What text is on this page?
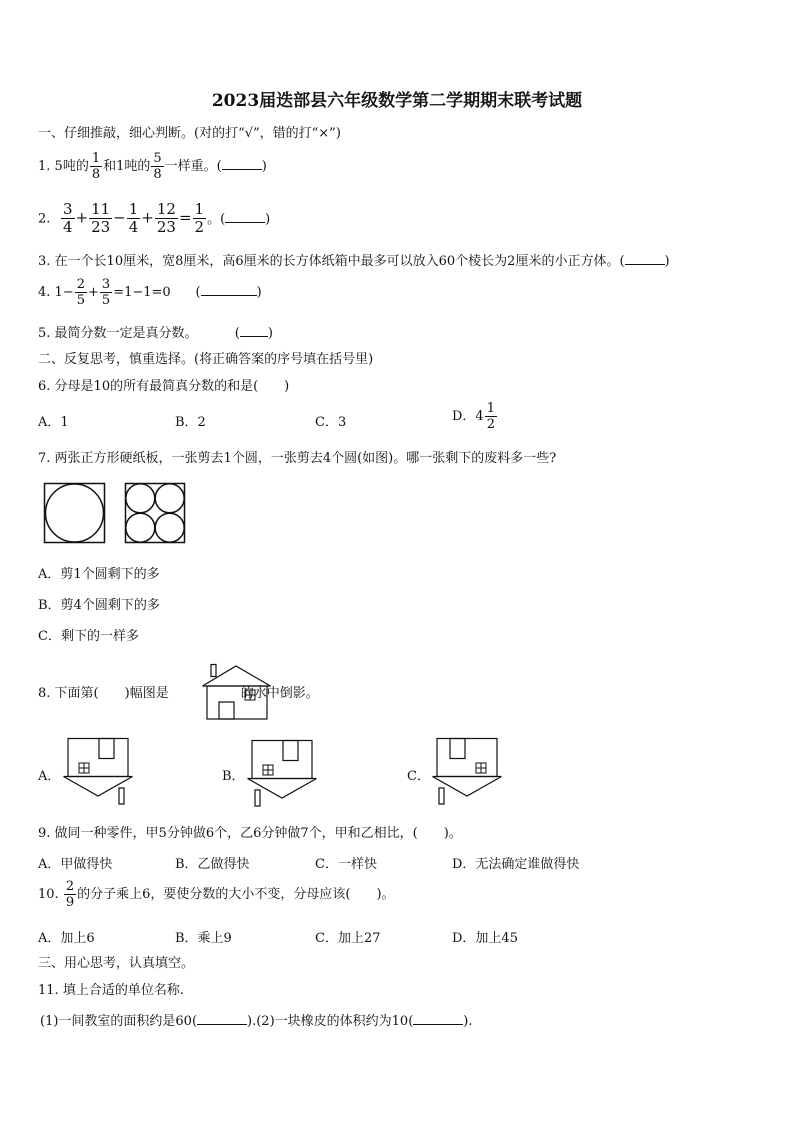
2023届迭部县六年级数学第二学期期末联考试题
一、仔细推敲，细心判断。(对的打“√”，错的打“×”)
1. 5吨的 $\frac{1}{8}$ 和1吨的 $\frac{5}{8}$ 一样重。(	)
2. $\frac{3}{4} + \frac{11}{23} - \frac{1}{4} + \frac{12}{23} = \frac{1}{2}$ 。(	)
3. 在一个长10厘米，宽8厘米，高6厘米的长方体纸箱中最多可以放入60个棱长为2厘米的小正方体。(	)
4. $1- \frac{2}{5} + \frac{3}{5} =1-1=0$ (	)
5. 最简分数一定是真分数。	( )
二、反复思考，慎重选择。(将正确答案的序号填在括号里)
6. 分母是10的所有最简真分数的和是(　　)
A．1	B．2	C．3	D．$4 \frac{1}{2}$
7. 两张正方形硬纸板，一张剪去1个圆，一张剪去4个圆(如图)。哪一张剩下的废料多一些?
A．剪1个圆剩下的多
B．剪4个圆剩下的多
C．剩下的一样多
8. 下面第(　　)幅图是	的水中倒影。
A．	B．	C．
9. 做同一种零件，甲5分钟做6个，乙6分钟做7个，甲和乙相比，(　　)。
A．甲做得快	B．乙做得快	C．一样快	D．无法确定谁做得快
10. $\frac{2}{9}$ 的分子乘上6，要使分数的大小不变，分母应该(　　)。
A．加上6	B．乘上9	C．加上27	D．加上45
三、用心思考，认真填空。
11. 填上合适的单位名称.
(1)一间教室的面积约是60(	).(2)一块橡皮的体积约为10(	).
